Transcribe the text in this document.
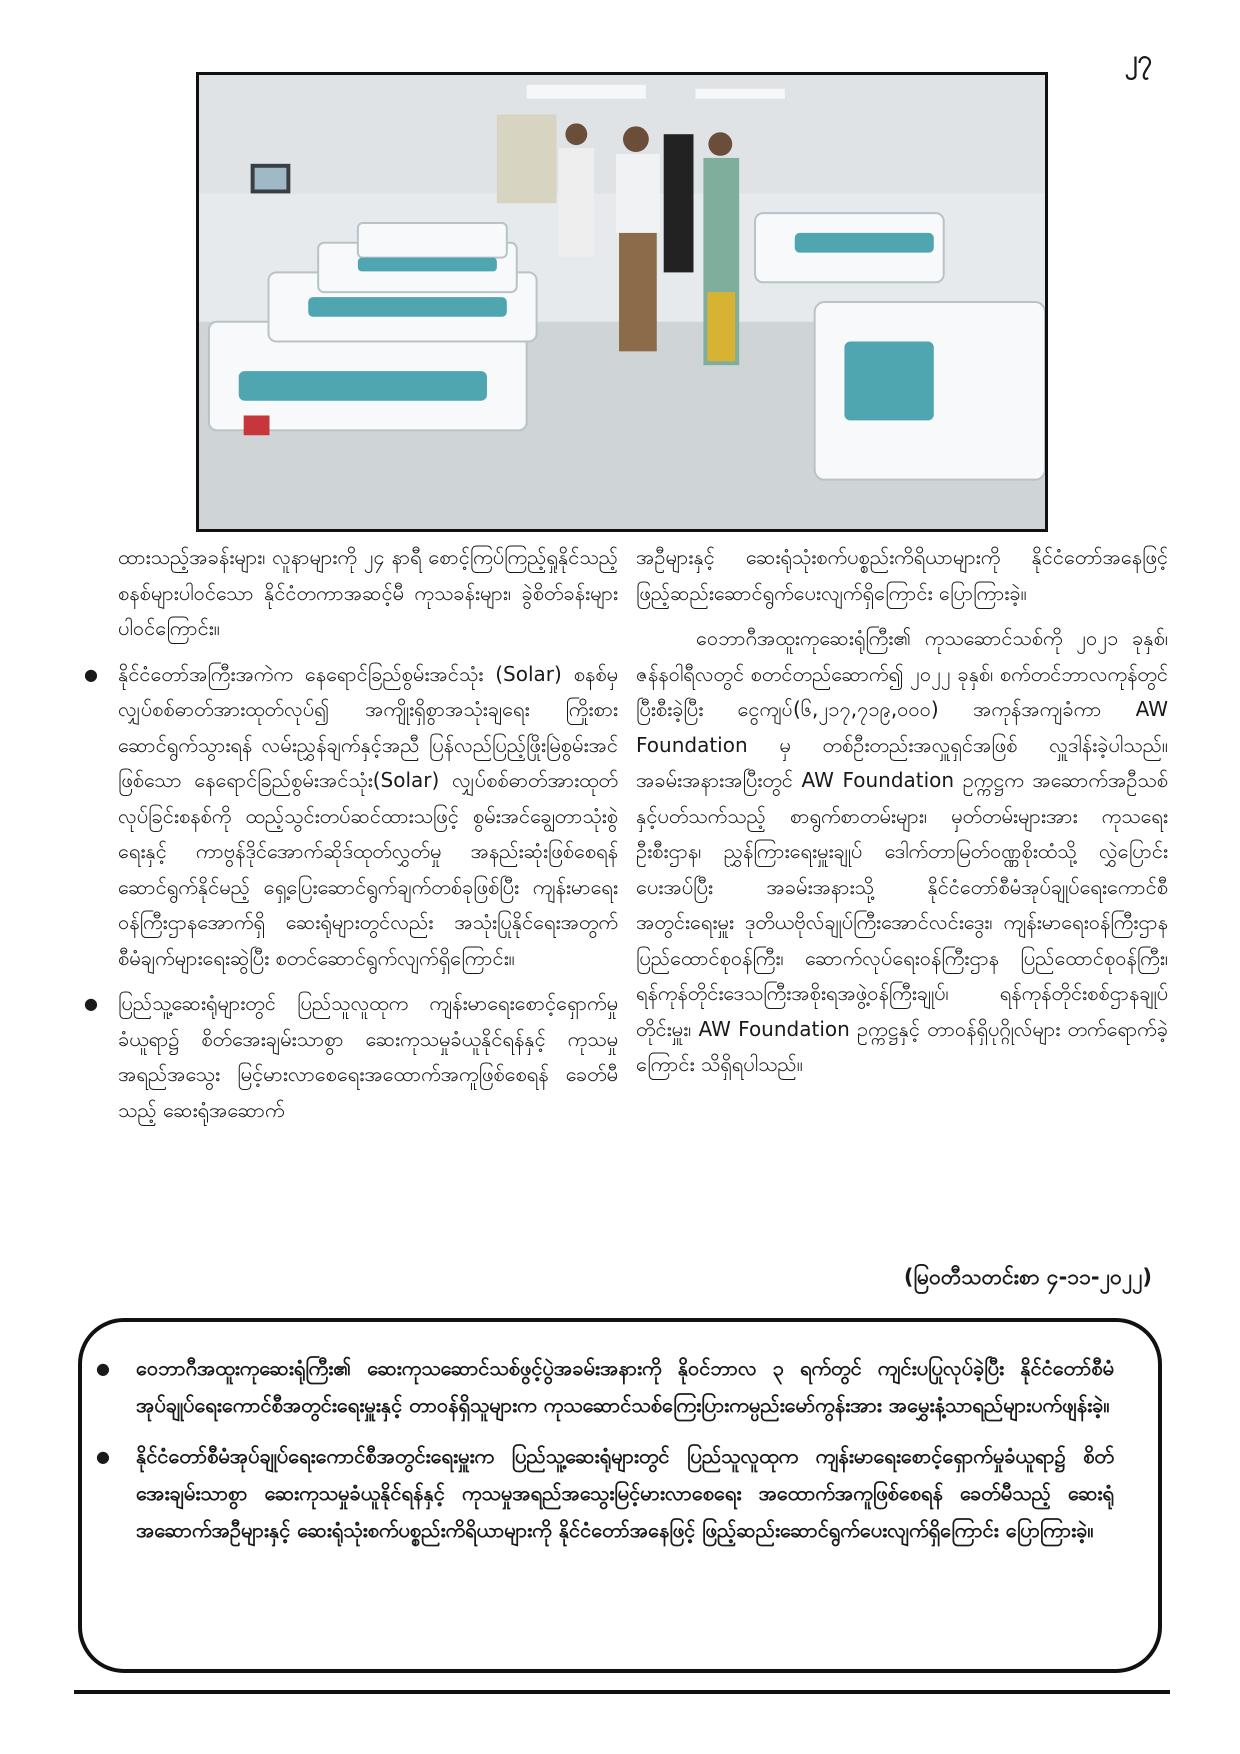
၂၇

ထားသည့်အခန်းများ၊ လူနာများကို ၂၄ နာရီ စောင့်ကြပ်ကြည့်ရှုနိုင်သည့် စနစ်များပါဝင်သော နိုင်ငံတကာအဆင့်မီ ကုသခန်းများ၊ ခွဲစိတ်ခန်းများပါဝင်ကြောင်း။

● နိုင်ငံတော်အကြီးအကဲက နေရောင်ခြည်စွမ်းအင်သုံး (Solar) စနစ်မှ လျှပ်စစ်ဓာတ်အားထုတ်လုပ်၍ အကျိုးရှိစွာအသုံးချရေး ကြိုးစားဆောင်ရွက်သွားရန် လမ်းညွှန်ချက်နှင့်အညီ ပြန်လည်ပြည့်ဖြိုးမြဲစွမ်းအင်ဖြစ်သော နေရောင်ခြည်စွမ်းအင်သုံး(Solar) လျှပ်စစ်ဓာတ်အားထုတ်လုပ်ခြင်းစနစ်ကို ထည့်သွင်းတပ်ဆင်ထားသဖြင့် စွမ်းအင်ချွေတာသုံးစွဲရေးနှင့် ကာဗွန်ဒိုင်အောက်ဆိုဒ်ထုတ်လွှတ်မှု အနည်းဆုံးဖြစ်စေရန် ဆောင်ရွက်နိုင်မည့် ရှေ့ပြေးဆောင်ရွက်ချက်တစ်ခုဖြစ်ပြီး ကျန်းမာရေးဝန်ကြီးဌာနအောက်ရှိ ဆေးရုံများတွင်လည်း အသုံးပြုနိုင်ရေးအတွက် စီမံချက်များရေးဆွဲပြီး စတင်ဆောင်ရွက်လျက်ရှိကြောင်း။

● ပြည်သူ့ဆေးရုံများတွင် ပြည်သူလူထုက ကျန်းမာရေးစောင့်ရှောက်မှုခံယူရာ၌ စိတ်အေးချမ်းသာစွာ ဆေးကုသမှုခံယူနိုင်ရန်နှင့် ကုသမှုအရည်အသွေး မြင့်မားလာစေရေးအထောက်အကူဖြစ်စေရန် ခေတ်မီသည့် ဆေးရုံအဆောက်

အဦများနှင့် ဆေးရုံသုံးစက်ပစ္စည်းကိရိယာများကို နိုင်ငံတော်အနေဖြင့် ဖြည့်ဆည်းဆောင်ရွက်ပေးလျက်ရှိကြောင်း ပြောကြားခဲ့။

ဝေဘာဂီအထူးကုဆေးရုံကြီး၏ ကုသဆောင်သစ်ကို ၂၀၂၁ ခုနှစ်၊ ဇန်နဝါရီလတွင် စတင်တည်ဆောက်၍ ၂၀၂၂ ခုနှစ်၊ စက်တင်ဘာလကုန်တွင် ပြီးစီးခဲ့ပြီး ငွေကျပ်(၆,၂၁၇,၇၁၉,၀၀၀) အကုန်အကျခံကာ AW Foundation မှ တစ်ဦးတည်းအလှူရှင်အဖြစ် လှူဒါန်းခဲ့ပါသည်။ အခမ်းအနားအပြီးတွင် AW Foundation ဥက္ကဋ္ဌက အဆောက်အဦသစ်နှင့်ပတ်သက်သည့် စာရွက်စာတမ်းများ၊ မှတ်တမ်းများအား ကုသရေးဦးစီးဌာန၊ ညွှန်ကြားရေးမှူးချုပ် ဒေါက်တာမြတ်ဝဏ္ဏစိုးထံသို့ လွှဲပြောင်းပေးအပ်ပြီး အခမ်းအနားသို့ နိုင်ငံတော်စီမံအုပ်ချုပ်ရေးကောင်စီအတွင်းရေးမှူး ဒုတိယဗိုလ်ချုပ်ကြီးအောင်လင်းဒွေး၊ ကျန်းမာရေးဝန်ကြီးဌာန ပြည်ထောင်စုဝန်ကြီး၊ ဆောက်လုပ်ရေးဝန်ကြီးဌာန ပြည်ထောင်စုဝန်ကြီး၊ ရန်ကုန်တိုင်းဒေသကြီးအစိုးရအဖွဲ့ဝန်ကြီးချုပ်၊ ရန်ကုန်တိုင်းစစ်ဌာနချုပ်တိုင်းမှူး၊ AW Foundation ဥက္ကဋ္ဌနှင့် တာဝန်ရှိပုဂ္ဂိုလ်များ တက်ရောက်ခဲ့ကြောင်း သိရှိရပါသည်။

(မြဝတီသတင်းစာ ၄-၁၁-၂၀၂၂)
● ဝေဘာဂီအထူးကုဆေးရုံကြီး၏ ဆေးကုသဆောင်သစ်ဖွင့်ပွဲအခမ်းအနားကို နိုဝင်ဘာလ ၃ ရက်တွင် ကျင်းပပြုလုပ်ခဲ့ပြီး နိုင်ငံတော်စီမံအုပ်ချုပ်ရေးကောင်စီအတွင်းရေးမှူးနှင့် တာဝန်ရှိသူများက ကုသဆောင်သစ်ကြေးပြားကမ္ပည်းမော်ကွန်းအား အမွှေးနံ့သာရည်များပက်ဖျန်းခဲ့။
● နိုင်ငံတော်စီမံအုပ်ချုပ်ရေးကောင်စီအတွင်းရေးမှူးက ပြည်သူ့ဆေးရုံများတွင် ပြည်သူလူထုက ကျန်းမာရေးစောင့်ရှောက်မှုခံယူရာ၌ စိတ်အေးချမ်းသာစွာ ဆေးကုသမှုခံယူနိုင်ရန်နှင့် ကုသမှုအရည်အသွေးမြင့်မားလာစေရေး အထောက်အကူဖြစ်စေရန် ခေတ်မီသည့် ဆေးရုံအဆောက်အဦများနှင့် ဆေးရုံသုံးစက်ပစ္စည်းကိရိယာများကို နိုင်ငံတော်အနေဖြင့် ဖြည့်ဆည်းဆောင်ရွက်ပေးလျက်ရှိကြောင်း ပြောကြားခဲ့။
